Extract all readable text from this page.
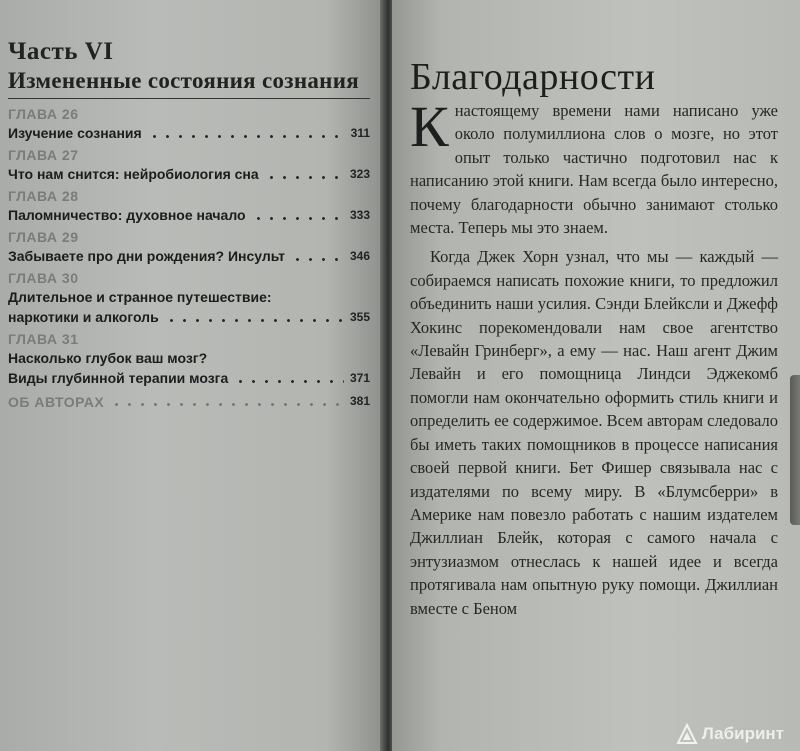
Часть VI
Измененные состояния сознания
ГЛАВА 26
Изучение сознания	311
ГЛАВА 27
Что нам снится: нейробиология сна	323
ГЛАВА 28
Паломничество: духовное начало	333
ГЛАВА 29
Забываете про дни рождения? Инсульт	346
ГЛАВА 30
Длительное и странное путешествие:
наркотики и алкоголь	355
ГЛАВА 31
Насколько глубок ваш мозг?
Виды глубинной терапии мозга	371
ОБ АВТОРАХ	381
Благодарности

Кнастоящему времени нами написано уже около полумиллиона слов о мозге, но этот опыт только частично подготовил нас к написанию этой книги. Нам всегда было интересно, почему благодарности обычно занимают столько места. Теперь мы это знаем.

Когда Джек Хорн узнал, что мы — каждый — собираемся написать похожие книги, то предложил объединить наши усилия. Сэнди Блейксли и Джефф Хокинс порекомендовали нам свое агентство «Левайн Гринберг», а ему — нас. Наш агент Джим Левайн и его помощница Линдси Эджекомб помогли нам окончательно оформить стиль книги и определить ее содержимое. Всем авторам следовало бы иметь таких помощников в процессе написания своей первой книги. Бет Фишер связывала нас с издателями по всему миру. В «Блумсберри» в Америке нам повезло работать с нашим издателем Джиллиан Блейк, которая с самого начала с энтузиазмом отнеслась к нашей идее и всегда протягивала нам опытную руку помощи. Джиллиан вместе с Беном

Лабиринт
